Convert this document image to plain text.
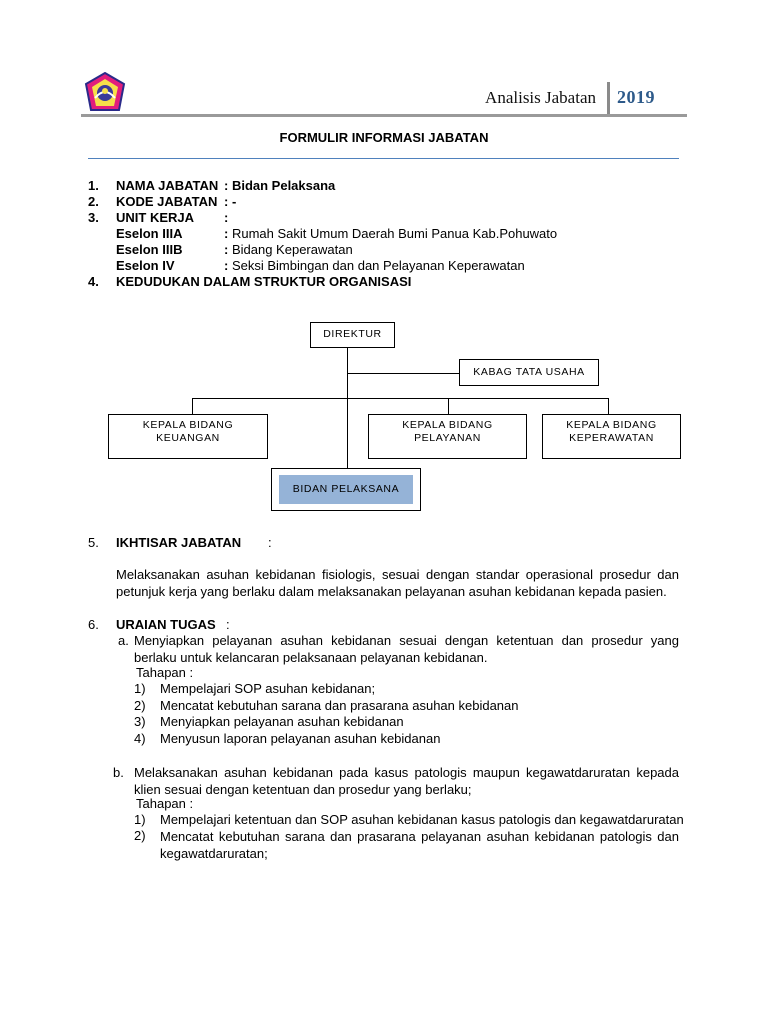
Analisis Jabatan 2019
FORMULIR INFORMASI JABATAN
1. NAMA JABATAN : Bidan Pelaksana
2. KODE JABATAN : -
3. UNIT KERJA :
Eselon IIIA	: Rumah Sakit Umum Daerah Bumi Panua Kab.Pohuwato
Eselon IIIB	: Bidang Keperawatan
Eselon IV	: Seksi Bimbingan dan dan Pelayanan Keperawatan
4. KEDUDUKAN DALAM STRUKTUR ORGANISASI
DIREKTUR
KABAG TATA USAHA
KEPALA BIDANG
KEUANGAN
KEPALA BIDANG
PELAYANAN
KEPALA BIDANG
KEPERAWATAN
BIDAN PELAKSANA
5. IKHTISAR JABATAN :
Melaksanakan asuhan kebidanan fisiologis, sesuai dengan standar operasional prosedur dan petunjuk kerja yang berlaku dalam melaksanakan pelayanan asuhan kebidanan kepada pasien.
6. URAIAN TUGAS :
a. Menyiapkan pelayanan asuhan kebidanan sesuai dengan ketentuan dan prosedur yang berlaku untuk kelancaran pelaksanaan pelayanan kebidanan.
Tahapan :
1) Mempelajari SOP asuhan kebidanan;
2) Mencatat kebutuhan sarana dan prasarana asuhan kebidanan
3) Menyiapkan pelayanan asuhan kebidanan
4) Menyusun laporan pelayanan asuhan kebidanan
b. Melaksanakan asuhan kebidanan pada kasus patologis maupun kegawatdaruratan kepada klien sesuai dengan ketentuan dan prosedur yang berlaku;
Tahapan :
1) Mempelajari ketentuan dan SOP asuhan kebidanan kasus patologis dan kegawatdaruratan
2) Mencatat kebutuhan sarana dan prasarana pelayanan asuhan kebidanan patologis dan kegawatdaruratan;
